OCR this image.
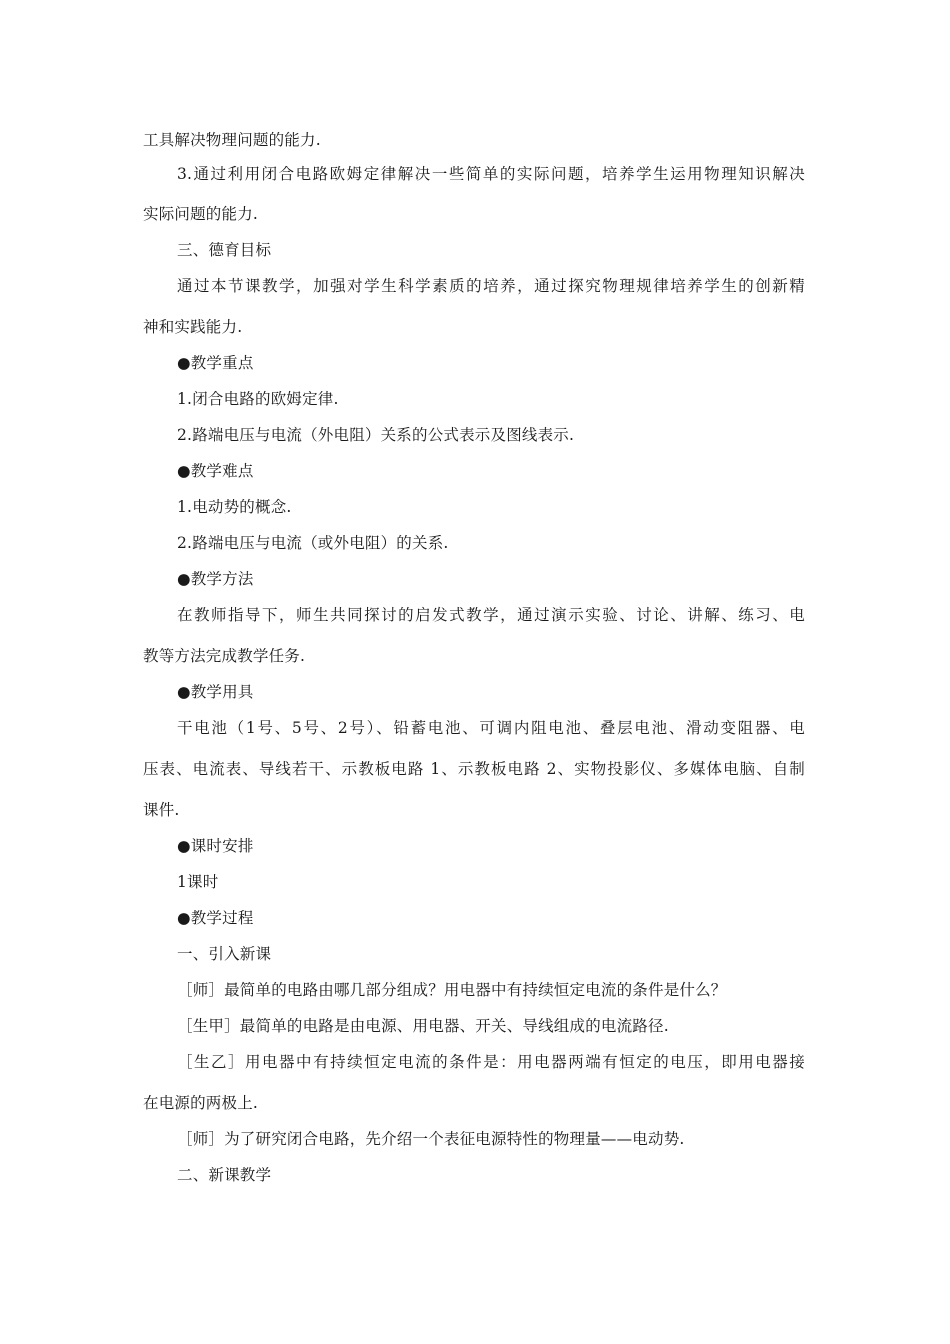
工具解决物理问题的能力.
3.通过利用闭合电路欧姆定律解决一些简单的实际问题，培养学生运用物理知识解决
实际问题的能力.
三、德育目标
通过本节课教学，加强对学生科学素质的培养，通过探究物理规律培养学生的创新精
神和实践能力.
●教学重点
1.闭合电路的欧姆定律.
2.路端电压与电流（外电阻）关系的公式表示及图线表示.
●教学难点
1.电动势的概念.
2.路端电压与电流（或外电阻）的关系.
●教学方法
在教师指导下，师生共同探讨的启发式教学，通过演示实验、讨论、讲解、练习、电
教等方法完成教学任务.
●教学用具
干电池（1号、5号、2号）、铅蓄电池、可调内阻电池、叠层电池、滑动变阻器、电
压表、电流表、导线若干、示教板电路 1、示教板电路 2、实物投影仪、多媒体电脑、自制
课件.
●课时安排
1课时
●教学过程
一、引入新课
［师］最简单的电路由哪几部分组成？用电器中有持续恒定电流的条件是什么？
［生甲］最简单的电路是由电源、用电器、开关、导线组成的电流路径.
［生乙］用电器中有持续恒定电流的条件是：用电器两端有恒定的电压，即用电器接
在电源的两极上.
［师］为了研究闭合电路，先介绍一个表征电源特性的物理量——电动势.
二、新课教学
